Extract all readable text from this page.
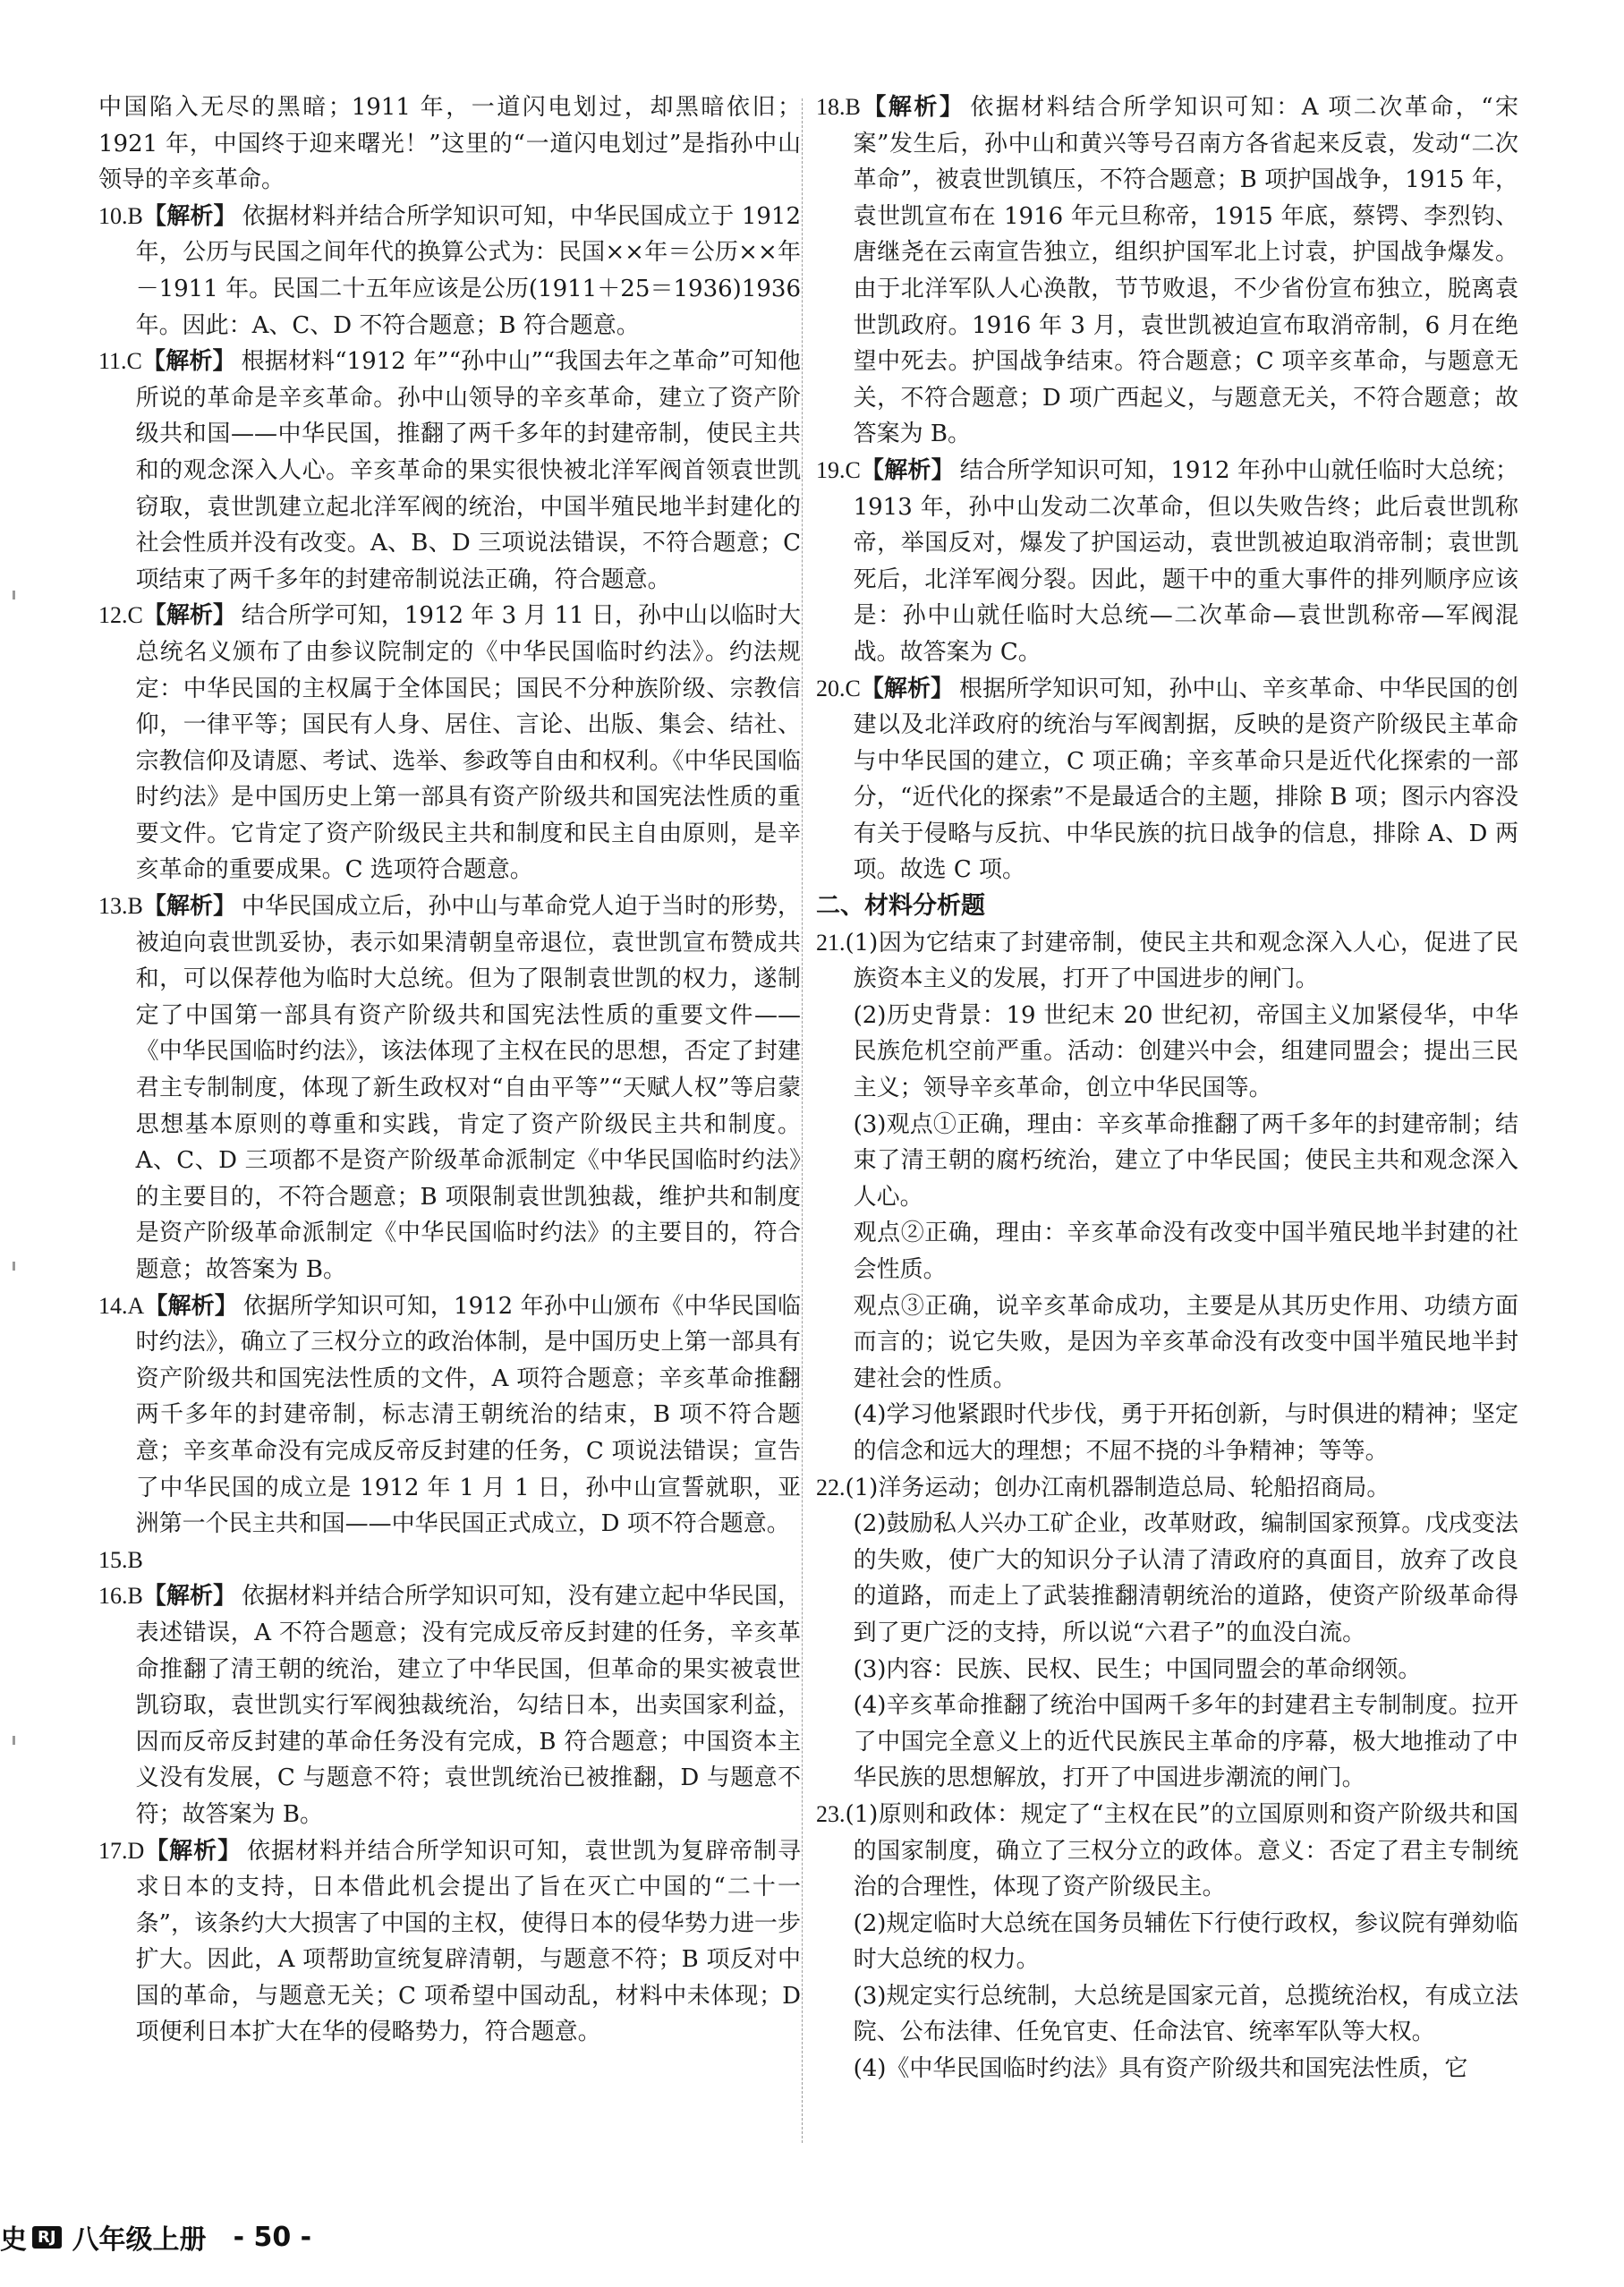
中国陷入无尽的黑暗；1911 年，一道闪电划过，却黑暗依旧；1921 年，中国终于迎来曙光！”这里的“一道闪电划过”是指孙中山领导的辛亥革命。

10.B【解析】 依据材料并结合所学知识可知，中华民国成立于 1912 年，公历与民国之间年代的换算公式为：民国××年＝公历××年－1911 年。民国二十五年应该是公历(1911＋25＝1936)1936 年。因此：A、C、D 不符合题意；B 符合题意。

11.C【解析】 根据材料“1912 年”“孙中山”“我国去年之革命”可知他所说的革命是辛亥革命。孙中山领导的辛亥革命，建立了资产阶级共和国——中华民国，推翻了两千多年的封建帝制，使民主共和的观念深入人心。辛亥革命的果实很快被北洋军阀首领袁世凯窃取，袁世凯建立起北洋军阀的统治，中国半殖民地半封建化的社会性质并没有改变。A、B、D 三项说法错误，不符合题意；C 项结束了两千多年的封建帝制说法正确，符合题意。

12.C【解析】 结合所学可知，1912 年 3 月 11 日，孙中山以临时大总统名义颁布了由参议院制定的《中华民国临时约法》。约法规定：中华民国的主权属于全体国民；国民不分种族阶级、宗教信仰，一律平等；国民有人身、居住、言论、出版、集会、结社、宗教信仰及请愿、考试、选举、参政等自由和权利。《中华民国临时约法》是中国历史上第一部具有资产阶级共和国宪法性质的重要文件。它肯定了资产阶级民主共和制度和民主自由原则，是辛亥革命的重要成果。C 选项符合题意。

13.B【解析】 中华民国成立后，孙中山与革命党人迫于当时的形势，被迫向袁世凯妥协，表示如果清朝皇帝退位，袁世凯宣布赞成共和，可以保荐他为临时大总统。但为了限制袁世凯的权力，遂制定了中国第一部具有资产阶级共和国宪法性质的重要文件——《中华民国临时约法》，该法体现了主权在民的思想，否定了封建君主专制制度，体现了新生政权对“自由平等”“天赋人权”等启蒙思想基本原则的尊重和实践，肯定了资产阶级民主共和制度。A、C、D 三项都不是资产阶级革命派制定《中华民国临时约法》的主要目的，不符合题意；B 项限制袁世凯独裁，维护共和制度是资产阶级革命派制定《中华民国临时约法》的主要目的，符合题意；故答案为 B。

14.A【解析】 依据所学知识可知，1912 年孙中山颁布《中华民国临时约法》，确立了三权分立的政治体制，是中国历史上第一部具有资产阶级共和国宪法性质的文件，A 项符合题意；辛亥革命推翻两千多年的封建帝制，标志清王朝统治的结束，B 项不符合题意；辛亥革命没有完成反帝反封建的任务，C 项说法错误；宣告了中华民国的成立是 1912 年 1 月 1 日，孙中山宣誓就职，亚洲第一个民主共和国——中华民国正式成立，D 项不符合题意。

15.B

16.B【解析】 依据材料并结合所学知识可知，没有建立起中华民国，表述错误，A 不符合题意；没有完成反帝反封建的任务，辛亥革命推翻了清王朝的统治，建立了中华民国，但革命的果实被袁世凯窃取，袁世凯实行军阀独裁统治，勾结日本，出卖国家利益，因而反帝反封建的革命任务没有完成，B 符合题意；中国资本主义没有发展，C 与题意不符；袁世凯统治已被推翻，D 与题意不符；故答案为 B。

17.D【解析】 依据材料并结合所学知识可知，袁世凯为复辟帝制寻求日本的支持，日本借此机会提出了旨在灭亡中国的“二十一条”，该条约大大损害了中国的主权，使得日本的侵华势力进一步扩大。因此，A 项帮助宣统复辟清朝，与题意不符；B 项反对中国的革命，与题意无关；C 项希望中国动乱，材料中未体现；D 项便利日本扩大在华的侵略势力，符合题意。

18.B【解析】 依据材料结合所学知识可知：A 项二次革命，“宋案”发生后，孙中山和黄兴等号召南方各省起来反袁，发动“二次革命”，被袁世凯镇压，不符合题意；B 项护国战争，1915 年，袁世凯宣布在 1916 年元旦称帝，1915 年底，蔡锷、李烈钧、唐继尧在云南宣告独立，组织护国军北上讨袁，护国战争爆发。由于北洋军队人心涣散，节节败退，不少省份宣布独立，脱离袁世凯政府。1916 年 3 月，袁世凯被迫宣布取消帝制，6 月在绝望中死去。护国战争结束。符合题意；C 项辛亥革命，与题意无关，不符合题意；D 项广西起义，与题意无关，不符合题意；故答案为 B。

19.C【解析】 结合所学知识可知，1912 年孙中山就任临时大总统；1913 年，孙中山发动二次革命，但以失败告终；此后袁世凯称帝，举国反对，爆发了护国运动，袁世凯被迫取消帝制；袁世凯死后，北洋军阀分裂。因此，题干中的重大事件的排列顺序应该是：孙中山就任临时大总统—二次革命—袁世凯称帝—军阀混战。故答案为 C。

20.C【解析】 根据所学知识可知，孙中山、辛亥革命、中华民国的创建以及北洋政府的统治与军阀割据，反映的是资产阶级民主革命与中华民国的建立，C 项正确；辛亥革命只是近代化探索的一部分，“近代化的探索”不是最适合的主题，排除 B 项；图示内容没有关于侵略与反抗、中华民族的抗日战争的信息，排除 A、D 两项。故选 C 项。

二、材料分析题

21.(1)因为它结束了封建帝制，使民主共和观念深入人心，促进了民族资本主义的发展，打开了中国进步的闸门。

(2)历史背景：19 世纪末 20 世纪初，帝国主义加紧侵华，中华民族危机空前严重。活动：创建兴中会，组建同盟会；提出三民主义；领导辛亥革命，创立中华民国等。

(3)观点①正确，理由：辛亥革命推翻了两千多年的封建帝制；结束了清王朝的腐朽统治，建立了中华民国；使民主共和观念深入人心。

观点②正确，理由：辛亥革命没有改变中国半殖民地半封建的社会性质。

观点③正确，说辛亥革命成功，主要是从其历史作用、功绩方面而言的；说它失败，是因为辛亥革命没有改变中国半殖民地半封建社会的性质。

(4)学习他紧跟时代步伐，勇于开拓创新，与时俱进的精神；坚定的信念和远大的理想；不屈不挠的斗争精神；等等。

22.(1)洋务运动；创办江南机器制造总局、轮船招商局。

(2)鼓励私人兴办工矿企业，改革财政，编制国家预算。戊戌变法的失败，使广大的知识分子认清了清政府的真面目，放弃了改良的道路，而走上了武装推翻清朝统治的道路，使资产阶级革命得到了更广泛的支持，所以说“六君子”的血没白流。

(3)内容：民族、民权、民生；中国同盟会的革命纲领。

(4)辛亥革命推翻了统治中国两千多年的封建君主专制制度。拉开了中国完全意义上的近代民族民主革命的序幕，极大地推动了中华民族的思想解放，打开了中国进步潮流的闸门。

23.(1)原则和政体：规定了“主权在民”的立国原则和资产阶级共和国的国家制度，确立了三权分立的政体。意义：否定了君主专制统治的合理性，体现了资产阶级民主。

(2)规定临时大总统在国务员辅佐下行使行政权，参议院有弹劾临时大总统的权力。

(3)规定实行总统制，大总统是国家元首，总揽统治权，有成立法院、公布法律、任免官吏、任命法官、统率军队等大权。

(4)《中华民国临时约法》具有资产阶级共和国宪法性质，它

史 RJ 八年级上册 - 50 -
